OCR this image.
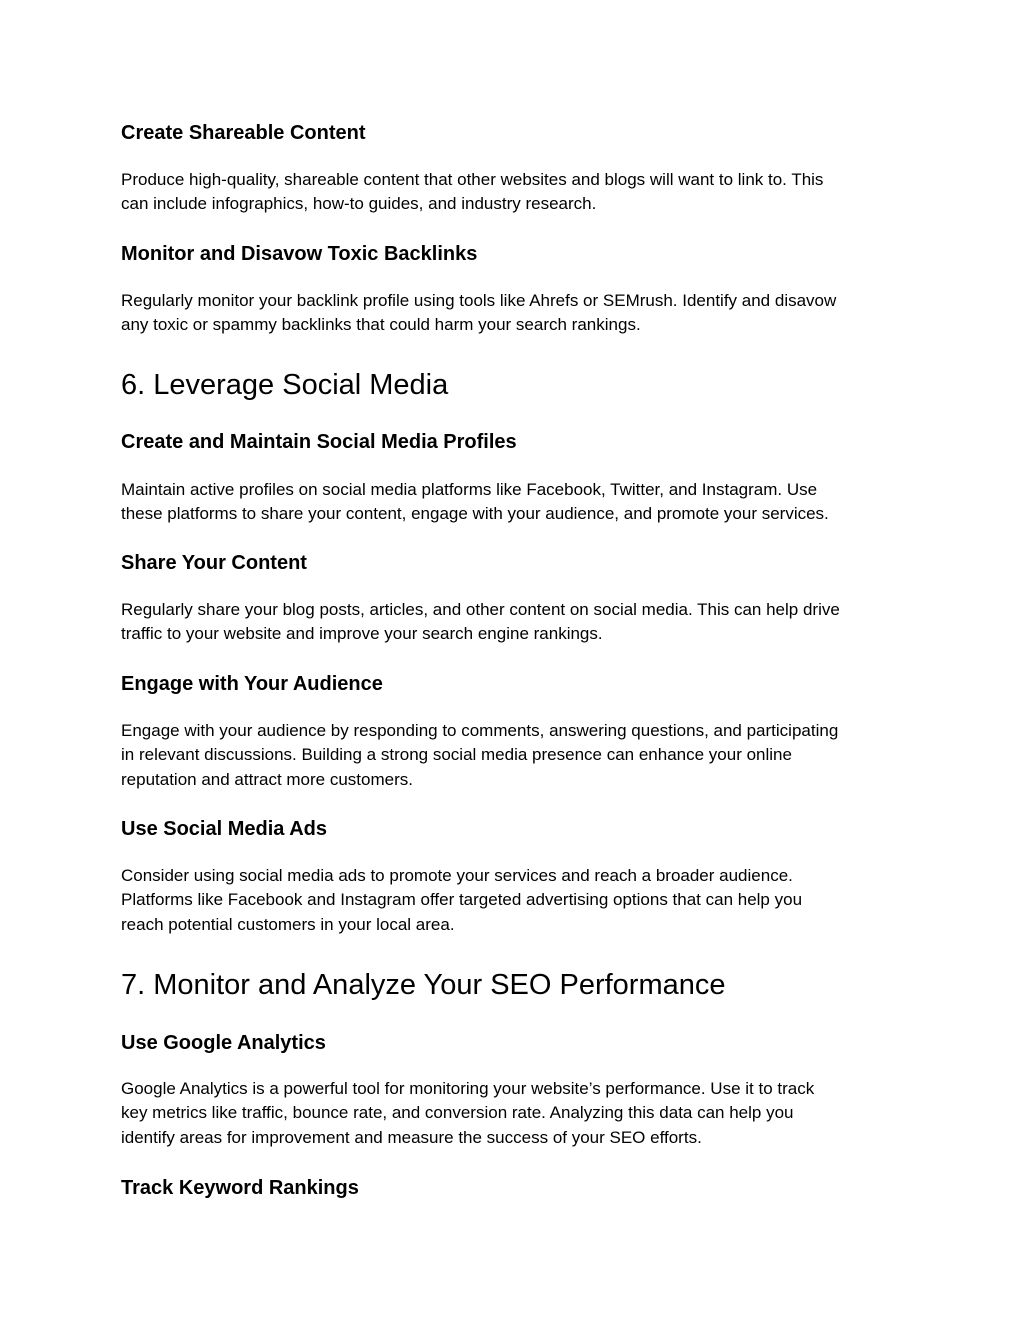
Create Shareable Content
Produce high-quality, shareable content that other websites and blogs will want to link to. This
can include infographics, how-to guides, and industry research.
Monitor and Disavow Toxic Backlinks
Regularly monitor your backlink profile using tools like Ahrefs or SEMrush. Identify and disavow
any toxic or spammy backlinks that could harm your search rankings.
6. Leverage Social Media
Create and Maintain Social Media Profiles
Maintain active profiles on social media platforms like Facebook, Twitter, and Instagram. Use
these platforms to share your content, engage with your audience, and promote your services.
Share Your Content
Regularly share your blog posts, articles, and other content on social media. This can help drive
traffic to your website and improve your search engine rankings.
Engage with Your Audience
Engage with your audience by responding to comments, answering questions, and participating
in relevant discussions. Building a strong social media presence can enhance your online
reputation and attract more customers.
Use Social Media Ads
Consider using social media ads to promote your services and reach a broader audience.
Platforms like Facebook and Instagram offer targeted advertising options that can help you
reach potential customers in your local area.
7. Monitor and Analyze Your SEO Performance
Use Google Analytics
Google Analytics is a powerful tool for monitoring your website’s performance. Use it to track
key metrics like traffic, bounce rate, and conversion rate. Analyzing this data can help you
identify areas for improvement and measure the success of your SEO efforts.
Track Keyword Rankings
